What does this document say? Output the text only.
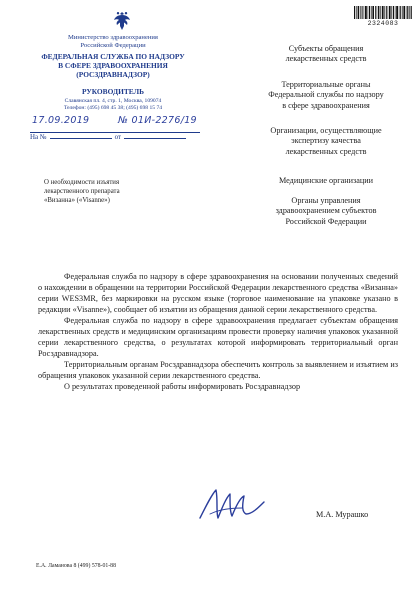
2324083
Министерство здравоохранения
Российской Федерации
ФЕДЕРАЛЬНАЯ СЛУЖБА ПО НАДЗОРУ
В СФЕРЕ ЗДРАВООХРАНЕНИЯ
(РОСЗДРАВНАДЗОР)
РУКОВОДИТЕЛЬ
Славянская пл. 4, стр. 1, Москва, 109074
Телефон: (495) 698 45 38; (495) 698 15 74
17.09.2019	№ 01И-2276/19
На №	от
О необходимости изъятия
лекарственного препарата
«Визанна» («Visanne»)
Субъекты обращения
лекарственных средств
Территориальные органы
Федеральной службы по надзору
в сфере здравоохранения
Организации, осуществляющие
экспертизу качества
лекарственных средств
Медицинские организации
Органы управления
здравоохранением субъектов
Российской Федерации

Федеральная служба по надзору в сфере здравоохранения на основании полученных сведений о нахождении в обращении на территории Российской Федерации лекарственного средства «Визанна» серии WES3MR, без маркировки на русском языке (торговое наименование на упаковке указано в редакции «Visanne»), сообщает об изъятии из обращения данной серии лекарственного средства.

Федеральная служба по надзору в сфере здравоохранения предлагает субъектам обращения лекарственных средств и медицинским организациям провести проверку наличия упаковок указанной серии лекарственного средства, о результатах которой информировать территориальный орган Росздравнадзора.

Территориальным органам Росздравнадзора обеспечить контроль за выявлением и изъятием из обращения упаковок указанной серии лекарственного средства.

О результатах проведенной работы информировать Росздравнадзор

М.А. Мурашко
Е.А. Ламанова 8 (499) 578-01-88
